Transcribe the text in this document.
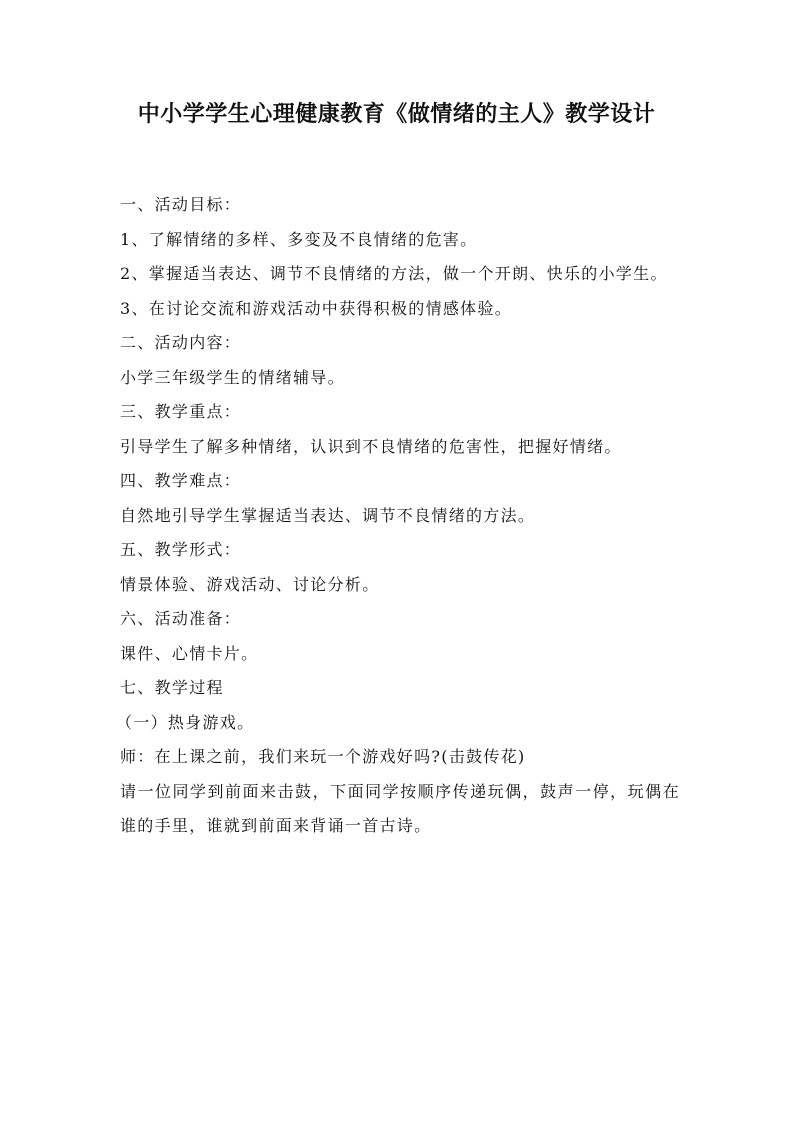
中小学学生心理健康教育《做情绪的主人》教学设计

一、活动目标：

1、了解情绪的多样、多变及不良情绪的危害。

2、掌握适当表达、调节不良情绪的方法，做一个开朗、快乐的小学生。

3、在讨论交流和游戏活动中获得积极的情感体验。

二、活动内容：

小学三年级学生的情绪辅导。

三、教学重点：

引导学生了解多种情绪，认识到不良情绪的危害性，把握好情绪。

四、教学难点：

自然地引导学生掌握适当表达、调节不良情绪的方法。

五、教学形式：

情景体验、游戏活动、讨论分析。

六、活动准备：

课件、心情卡片。

七、教学过程

（一）热身游戏。

师：在上课之前，我们来玩一个游戏好吗?(击鼓传花)

请一位同学到前面来击鼓，下面同学按顺序传递玩偶，鼓声一停，玩偶在谁的手里，谁就到前面来背诵一首古诗。
